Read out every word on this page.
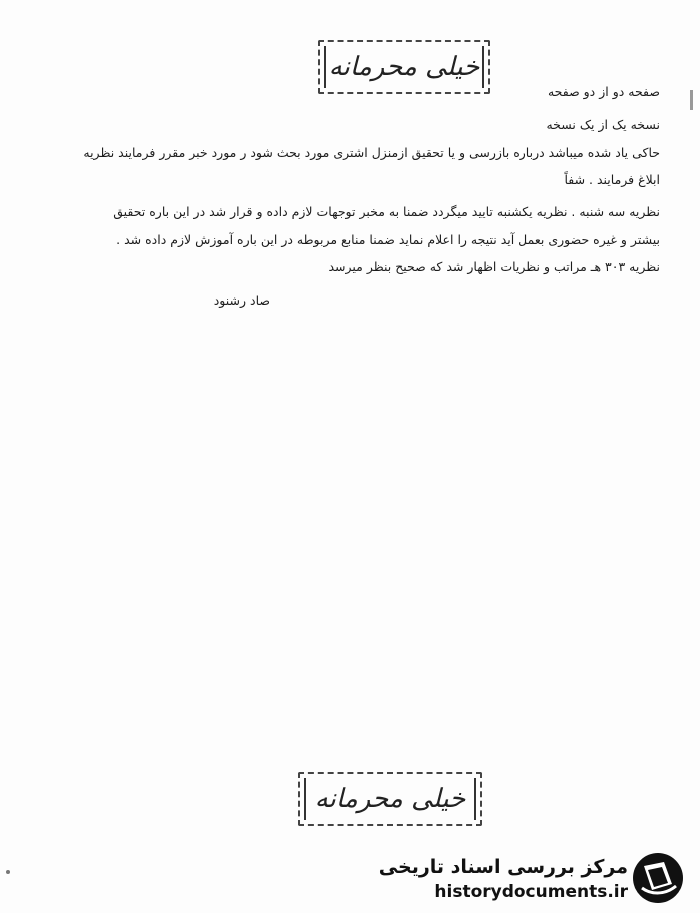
خیلی محرمانه
صفحه دو از دو صفحه
نسخه یک از یک نسخه
حاکی یاد شده میباشد درباره بازرسی و یا تحقیق ازمنزل اشتری مورد بحث شود ر مورد خبر مقرر فرمایند نظریه
ابلاغ فرمایند . شفاً
نظریه سه شنبه . نظریه یکشنبه تایید میگردد ضمنا به مخبر توجهات لازم داده و قرار شد در این باره تحقیق
بیشتر و غیره حضوری بعمل آید نتیجه را اعلام نماید ضمنا منابع مربوطه در این باره آموزش لازم داده شد .
نظریه ۳۰۳ هـ مراتب و نظریات اظهار شد که صحیح بنظر میرسد
صاد رشنود
خیلی محرمانه
مرکز بررسی اسناد تاریخی
historydocuments.ir
